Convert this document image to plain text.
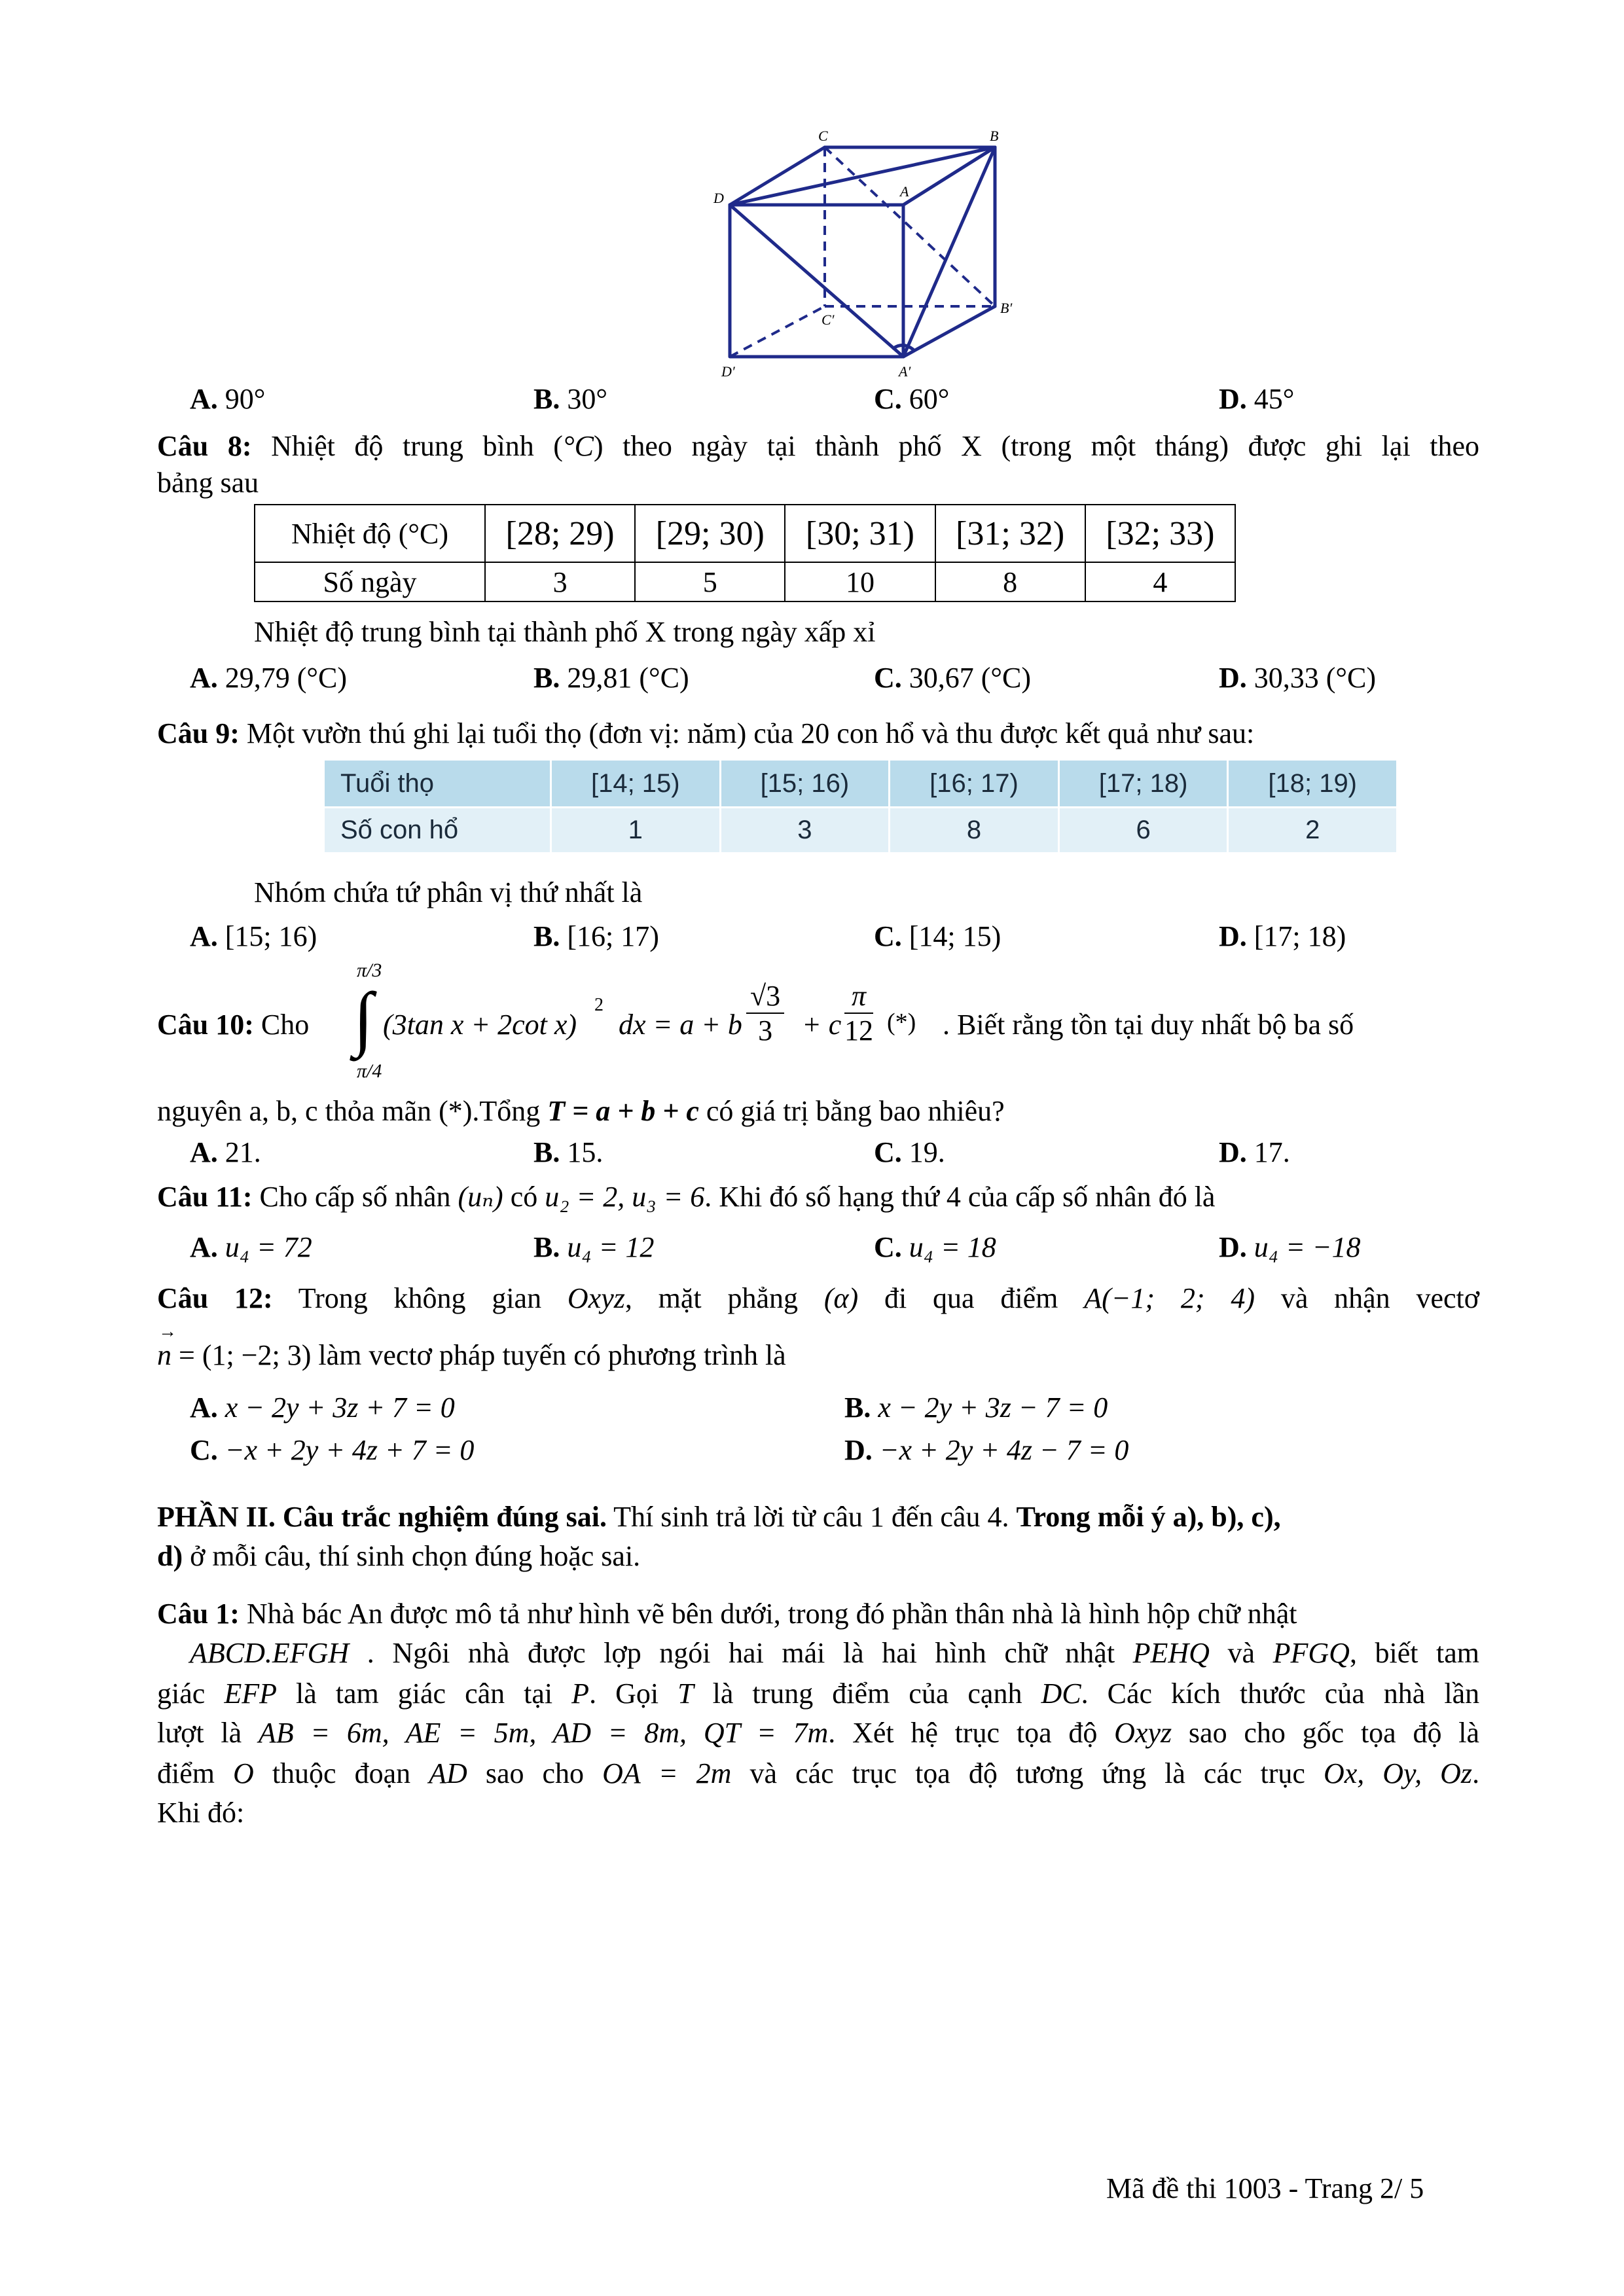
C	B
D	A
C′
B′
D′	A′
A. 90°	B. 30°	C. 60°	D. 45°
Câu 8: Nhiệt độ trung bình (°C) theo ngày tại thành phố X (trong một tháng) được ghi lại theo
bảng sau
Nhiệt độ (°C)	[28; 29)	[29; 30)	[30; 31)	[31; 32)	[32; 33)
Số ngày	3	5	10	8	4
Nhiệt độ trung bình tại thành phố X trong ngày xấp xỉ
A. 29,79 (°C)	B. 29,81 (°C)	C. 30,67 (°C)	D. 30,33 (°C)
Câu 9: Một vườn thú ghi lại tuổi thọ (đơn vị: năm) của 20 con hổ và thu được kết quả như sau:
Tuổi thọ	[14; 15)	[15; 16)	[16; 17)	[17; 18)	[18; 19)
Số con hổ	1	3	8	6	2
Nhóm chứa tứ phân vị thứ nhất là
A. [15; 16)	B. [16; 17)	C. [14; 15)	D. [17; 18)
Câu 10: Cho
π/3
∫
π/4
(3tan x + 2cot x)
2
dx = a + b
√3
3	+ c
π
12 (*) . Biết rằng tồn tại duy nhất bộ ba số
nguyên a, b, c thỏa mãn (*).Tổng T = a + b + c có giá trị bằng bao nhiêu?
A. 21.	B. 15.	C. 19.	D. 17.
Câu 11: Cho cấp số nhân (uₙ) có u₂ = 2, u₃ = 6. Khi đó số hạng thứ 4 của cấp số nhân đó là
A. u₄ = 72	B. u₄ = 12	C. u₄ = 18	D. u₄ = −18
Câu 12: Trong không gian Oxyz, mặt phẳng (α) đi qua điểm A(−1; 2; 4) và nhận vectơ
→ n = (1; −2; 3) làm vectơ pháp tuyến có phương trình là
A. x − 2y + 3z + 7 = 0	B. x − 2y + 3z − 7 = 0
C. −x + 2y + 4z + 7 = 0	D. −x + 2y + 4z − 7 = 0
PHẦN II. Câu trắc nghiệm đúng sai. Thí sinh trả lời từ câu 1 đến câu 4. Trong mỗi ý a), b), c),
d) ở mỗi câu, thí sinh chọn đúng hoặc sai.
Câu 1: Nhà bác An được mô tả như hình vẽ bên dưới, trong đó phần thân nhà là hình hộp chữ nhật
ABCD.EFGH . Ngôi nhà được lợp ngói hai mái là hai hình chữ nhật PEHQ và PFGQ, biết tam
giác EFP là tam giác cân tại P. Gọi T là trung điểm của cạnh DC. Các kích thước của nhà lần
lượt là AB = 6m, AE = 5m, AD = 8m, QT = 7m. Xét hệ trục tọa độ Oxyz sao cho gốc tọa độ là
điểm O thuộc đoạn AD sao cho OA = 2m và các trục tọa độ tương ứng là các trục Ox, Oy, Oz.
Khi đó:
Mã đề thi 1003 - Trang 2/ 5
